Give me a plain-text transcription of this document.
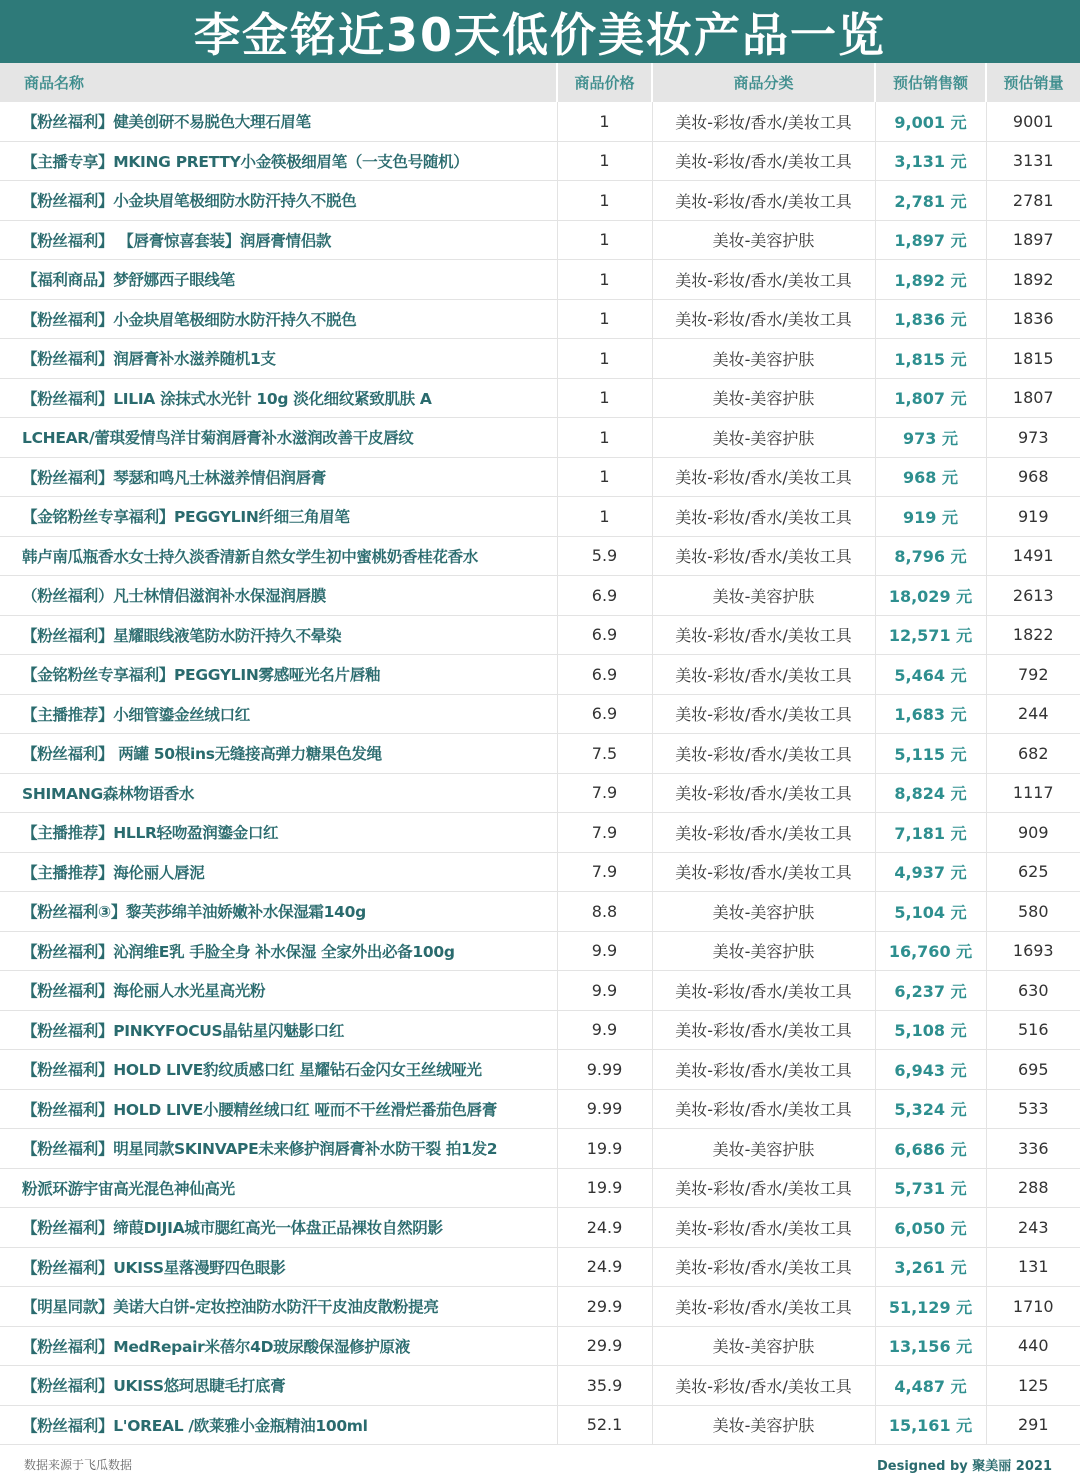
李金铭近30天低价美妆产品一览
商品名称	商品价格	商品分类	预估销售额	预估销量
【粉丝福利】健美创研不易脱色大理石眉笔	1	美妆-彩妆/香水/美妆工具	9,001 元	9001
【主播专享】MKING PRETTY小金筷极细眉笔（一支色号随机）	1	美妆-彩妆/香水/美妆工具	3,131 元	3131
【粉丝福利】小金块眉笔极细防水防汗持久不脱色	1	美妆-彩妆/香水/美妆工具	2,781 元	2781
【粉丝福利】 【唇膏惊喜套装】润唇膏情侣款	1	美妆-美容护肤	1,897 元	1897
【福利商品】梦舒娜西子眼线笔	1	美妆-彩妆/香水/美妆工具	1,892 元	1892
【粉丝福利】小金块眉笔极细防水防汗持久不脱色	1	美妆-彩妆/香水/美妆工具	1,836 元	1836
【粉丝福利】润唇膏补水滋养随机1支	1	美妆-美容护肤	1,815 元	1815
【粉丝福利】LILIA 涂抹式水光针 10g 淡化细纹紧致肌肤 A	1	美妆-美容护肤	1,807 元	1807
LCHEAR/蕾琪爱情鸟洋甘菊润唇膏补水滋润改善干皮唇纹	1	美妆-美容护肤	973 元	973
【粉丝福利】琴瑟和鸣凡士林滋养情侣润唇膏	1	美妆-彩妆/香水/美妆工具	968 元	968
【金铭粉丝专享福利】PEGGYLIN纤细三角眉笔	1	美妆-彩妆/香水/美妆工具	919 元	919
韩卢南瓜瓶香水女士持久淡香清新自然女学生初中蜜桃奶香桂花香水	5.9	美妆-彩妆/香水/美妆工具	8,796 元	1491
（粉丝福利）凡士林情侣滋润补水保湿润唇膜	6.9	美妆-美容护肤	18,029 元	2613
【粉丝福利】星耀眼线液笔防水防汗持久不晕染	6.9	美妆-彩妆/香水/美妆工具	12,571 元	1822
【金铭粉丝专享福利】PEGGYLIN雾感哑光名片唇釉	6.9	美妆-彩妆/香水/美妆工具	5,464 元	792
【主播推荐】小细管鎏金丝绒口红	6.9	美妆-彩妆/香水/美妆工具	1,683 元	244
【粉丝福利】 两罐 50根ins无缝接高弹力糖果色发绳	7.5	美妆-彩妆/香水/美妆工具	5,115 元	682
SHIMANG森林物语香水	7.9	美妆-彩妆/香水/美妆工具	8,824 元	1117
【主播推荐】HLLR轻吻盈润鎏金口红	7.9	美妆-彩妆/香水/美妆工具	7,181 元	909
【主播推荐】海伦丽人唇泥	7.9	美妆-彩妆/香水/美妆工具	4,937 元	625
【粉丝福利③】黎芙莎绵羊油娇嫩补水保湿霜140g	8.8	美妆-美容护肤	5,104 元	580
【粉丝福利】沁润维E乳 手脸全身 补水保湿 全家外出必备100g	9.9	美妆-美容护肤	16,760 元	1693
【粉丝福利】海伦丽人水光星高光粉	9.9	美妆-彩妆/香水/美妆工具	6,237 元	630
【粉丝福利】PINKYFOCUS晶钻星闪魅影口红	9.9	美妆-彩妆/香水/美妆工具	5,108 元	516
【粉丝福利】HOLD LIVE豹纹质感口红 星耀钻石金闪女王丝绒哑光	9.99	美妆-彩妆/香水/美妆工具	6,943 元	695
【粉丝福利】HOLD LIVE小腰精丝绒口红 哑而不干丝滑烂番茄色唇膏	9.99	美妆-彩妆/香水/美妆工具	5,324 元	533
【粉丝福利】明星同款SKINVAPE未来修护润唇膏补水防干裂 拍1发2	19.9	美妆-美容护肤	6,686 元	336
粉派环游宇宙高光混色神仙高光	19.9	美妆-彩妆/香水/美妆工具	5,731 元	288
【粉丝福利】缔葭DIJIA城市腮红高光一体盘正品裸妆自然阴影	24.9	美妆-彩妆/香水/美妆工具	6,050 元	243
【粉丝福利】UKISS星落漫野四色眼影	24.9	美妆-彩妆/香水/美妆工具	3,261 元	131
【明星同款】美诺大白饼-定妆控油防水防汗干皮油皮散粉提亮	29.9	美妆-彩妆/香水/美妆工具	51,129 元	1710
【粉丝福利】MedRepair米蓓尔4D玻尿酸保湿修护原液	29.9	美妆-美容护肤	13,156 元	440
【粉丝福利】UKISS悠珂思睫毛打底膏	35.9	美妆-彩妆/香水/美妆工具	4,487 元	125
【粉丝福利】L'OREAL /欧莱雅小金瓶精油100ml	52.1	美妆-美容护肤	15,161 元	291
数据来源于飞瓜数据	Designed by 聚美丽 2021
